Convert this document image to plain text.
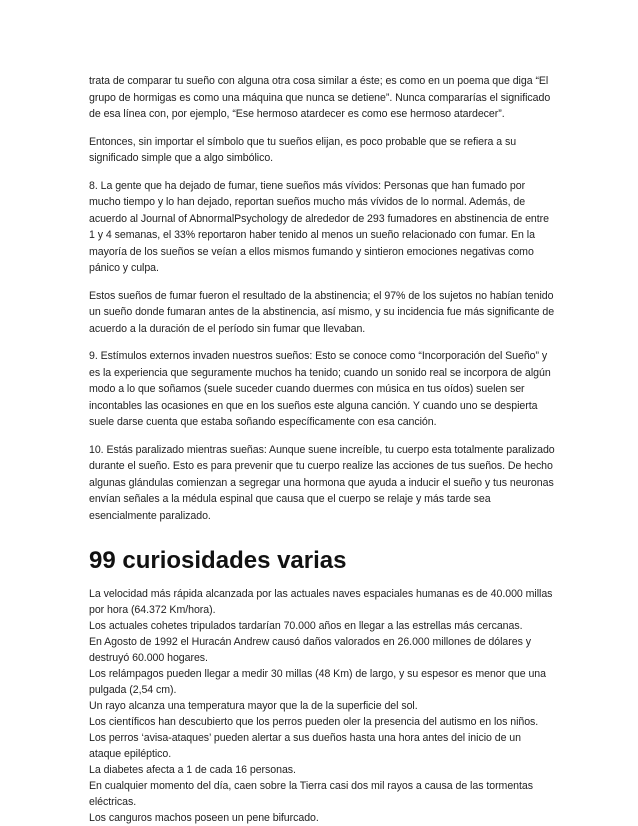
trata de comparar tu sueño con alguna otra cosa similar a éste; es como en un poema que diga “El grupo de hormigas es como una máquina que nunca se detiene”. Nunca compararías el significado de esa línea con, por ejemplo, “Ese hermoso atardecer es como ese hermoso atardecer”.

Entonces, sin importar el símbolo que tu sueños elijan, es poco probable que se refiera a su significado simple que a algo simbólico.

8. La gente que ha dejado de fumar, tiene sueños más vívidos: Personas que han fumado por mucho tiempo y lo han dejado, reportan sueños mucho más vívidos de lo normal. Además, de acuerdo al Journal of AbnormalPsychology de alrededor de 293 fumadores en abstinencia de entre 1 y 4 semanas, el 33% reportaron haber tenido al menos un sueño relacionado con fumar. En la mayoría de los sueños se veían a ellos mismos fumando y sintieron emociones negativas como pánico y culpa.

Estos sueños de fumar fueron el resultado de la abstinencia; el 97% de los sujetos no habían tenido un sueño donde fumaran antes de la abstinencia, así mismo, y su incidencia fue más significante de acuerdo a la duración de el período sin fumar que llevaban.

9. Estímulos externos invaden nuestros sueños: Esto se conoce como “Incorporación del Sueño” y es la experiencia que seguramente muchos ha tenido; cuando un sonido real se incorpora de algún modo a lo que soñamos (suele suceder cuando duermes con música en tus oídos) suelen ser incontables las ocasiones en que en los sueños este alguna canción. Y cuando uno se despierta suele darse cuenta que estaba soñando específicamente con esa canción.

10. Estás paralizado mientras sueñas: Aunque suene increíble, tu cuerpo esta totalmente paralizado durante el sueño. Esto es para prevenir que tu cuerpo realize las acciones de tus sueños. De hecho algunas glándulas comienzan a segregar una hormona que ayuda a inducir el sueño y tus neuronas envían señales a la médula espinal que causa que el cuerpo se relaje y más tarde sea esencialmente paralizado.

99 curiosidades varias

La velocidad más rápida alcanzada por las actuales naves espaciales humanas es de 40.000 millas por hora (64.372 Km/hora).

Los actuales cohetes tripulados tardarían 70.000 años en llegar a las estrellas más cercanas.

En Agosto de 1992 el Huracán Andrew causó daños valorados en 26.000 millones de dólares y destruyó 60.000 hogares.

Los relámpagos pueden llegar a medir 30 millas (48 Km) de largo, y su espesor es menor que una pulgada (2,54 cm).

Un rayo alcanza una temperatura mayor que la de la superficie del sol.

Los científicos han descubierto que los perros pueden oler la presencia del autismo en los niños.

Los perros ‘avisa-ataques’ pueden alertar a sus dueños hasta una hora antes del inicio de un ataque epiléptico.

La diabetes afecta a 1 de cada 16 personas.

En cualquier momento del día, caen sobre la Tierra casi dos mil rayos a causa de las tormentas eléctricas.

Los canguros machos poseen un pene bifurcado.
